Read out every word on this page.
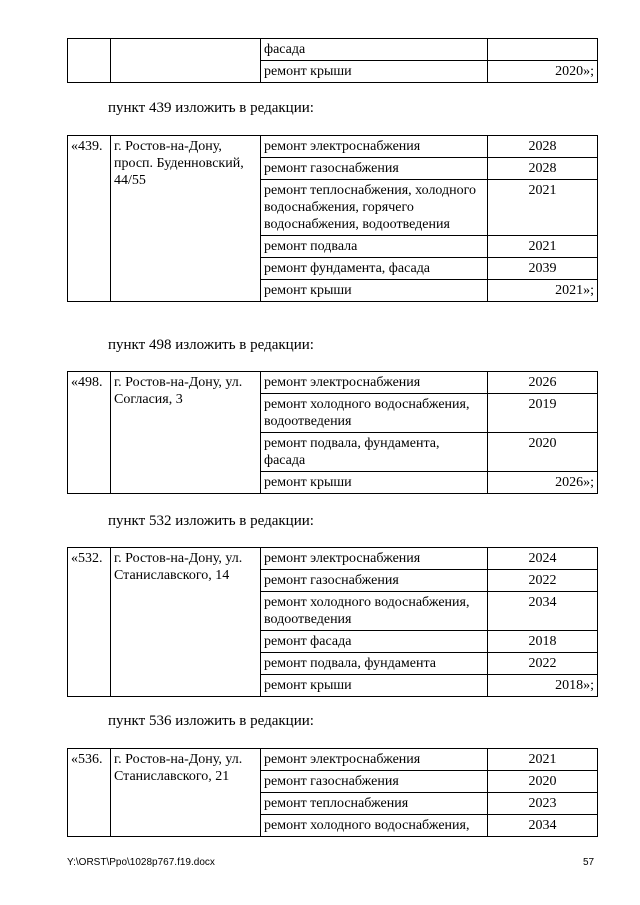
		фасада	
		ремонт крыши	2020»;
пункт 439 изложить в редакции:
«439.	г. Ростов-на-Дону, просп. Буденновский, 44/55	ремонт электроснабжения	2028
		ремонт газоснабжения	2028
		ремонт теплоснабжения, холодного водоснабжения, горячего водоснабжения, водоотведения	2021
		ремонт подвала	2021
		ремонт фундамента, фасада	2039
		ремонт крыши	2021»;
пункт 498 изложить в редакции:
«498.	г. Ростов-на-Дону, ул. Согласия, 3	ремонт электроснабжения	2026
		ремонт холодного водоснабжения, водоотведения	2019
		ремонт подвала, фундамента, фасада	2020
		ремонт крыши	2026»;
пункт 532 изложить в редакции:
«532.	г. Ростов-на-Дону, ул. Станиславского, 14	ремонт электроснабжения	2024
		ремонт газоснабжения	2022
		ремонт холодного водоснабжения, водоотведения	2034
		ремонт фасада	2018
		ремонт подвала, фундамента	2022
		ремонт крыши	2018»;
пункт 536 изложить в редакции:
«536.	г. Ростов-на-Дону, ул. Станиславского, 21	ремонт электроснабжения	2021
		ремонт газоснабжения	2020
		ремонт теплоснабжения	2023
		ремонт холодного водоснабжения,	2034
Y:\ORST\Ppo\1028p767.f19.docx	57
